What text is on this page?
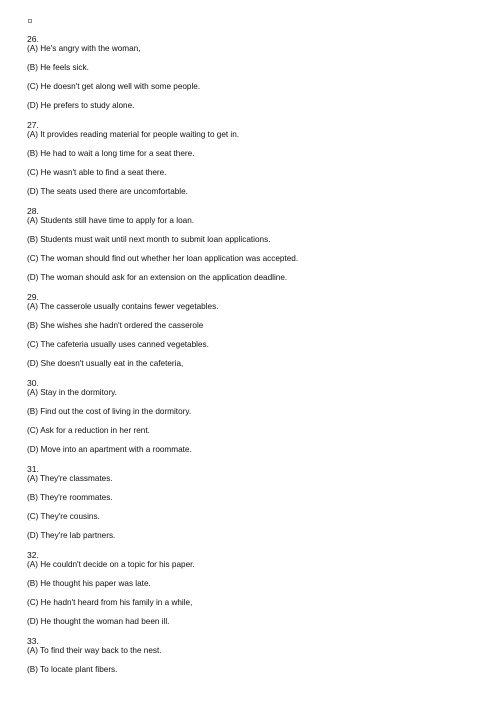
26.
(A) He's angry with the woman,
(B) He feels sick.
(C) He doesn't get along well with some people.
(D) He prefers to study alone.
27.
(A) It provides reading material for people waiting to get in.
(B) He had to wait a long time for a seat there.
(C) He wasn't able to find a seat there.
(D) The seats used there are uncomfortable.
28.
(A) Students still have time to apply for a loan.
(B) Students must wait until next month to submit loan applications.
(C) The woman should find out whether her loan application was accepted.
(D) The woman should ask for an extension on the application deadline.
29.
(A) The casserole usually contains fewer vegetables.
(B) She wishes she hadn't ordered the casserole
(C) The cafeteria usually uses canned vegetables.
(D) She doesn't usually eat in the cafeteria,
30.
(A) Stay in the dormitory.
(B) Find out the cost of living in the dormitory.
(C) Ask for a reduction in her rent.
(D) Move into an apartment with a roommate.
31.
(A) They're classmates.
(B) They're roommates.
(C) They're cousins.
(D) They're lab partners.
32.
(A) He couldn't decide on a topic for his paper.
(B) He thought his paper was late.
(C) He hadn't heard from his family in a while,
(D) He thought the woman had been ill.
33.
(A) To find their way back to the nest.
(B) To locate plant fibers.
